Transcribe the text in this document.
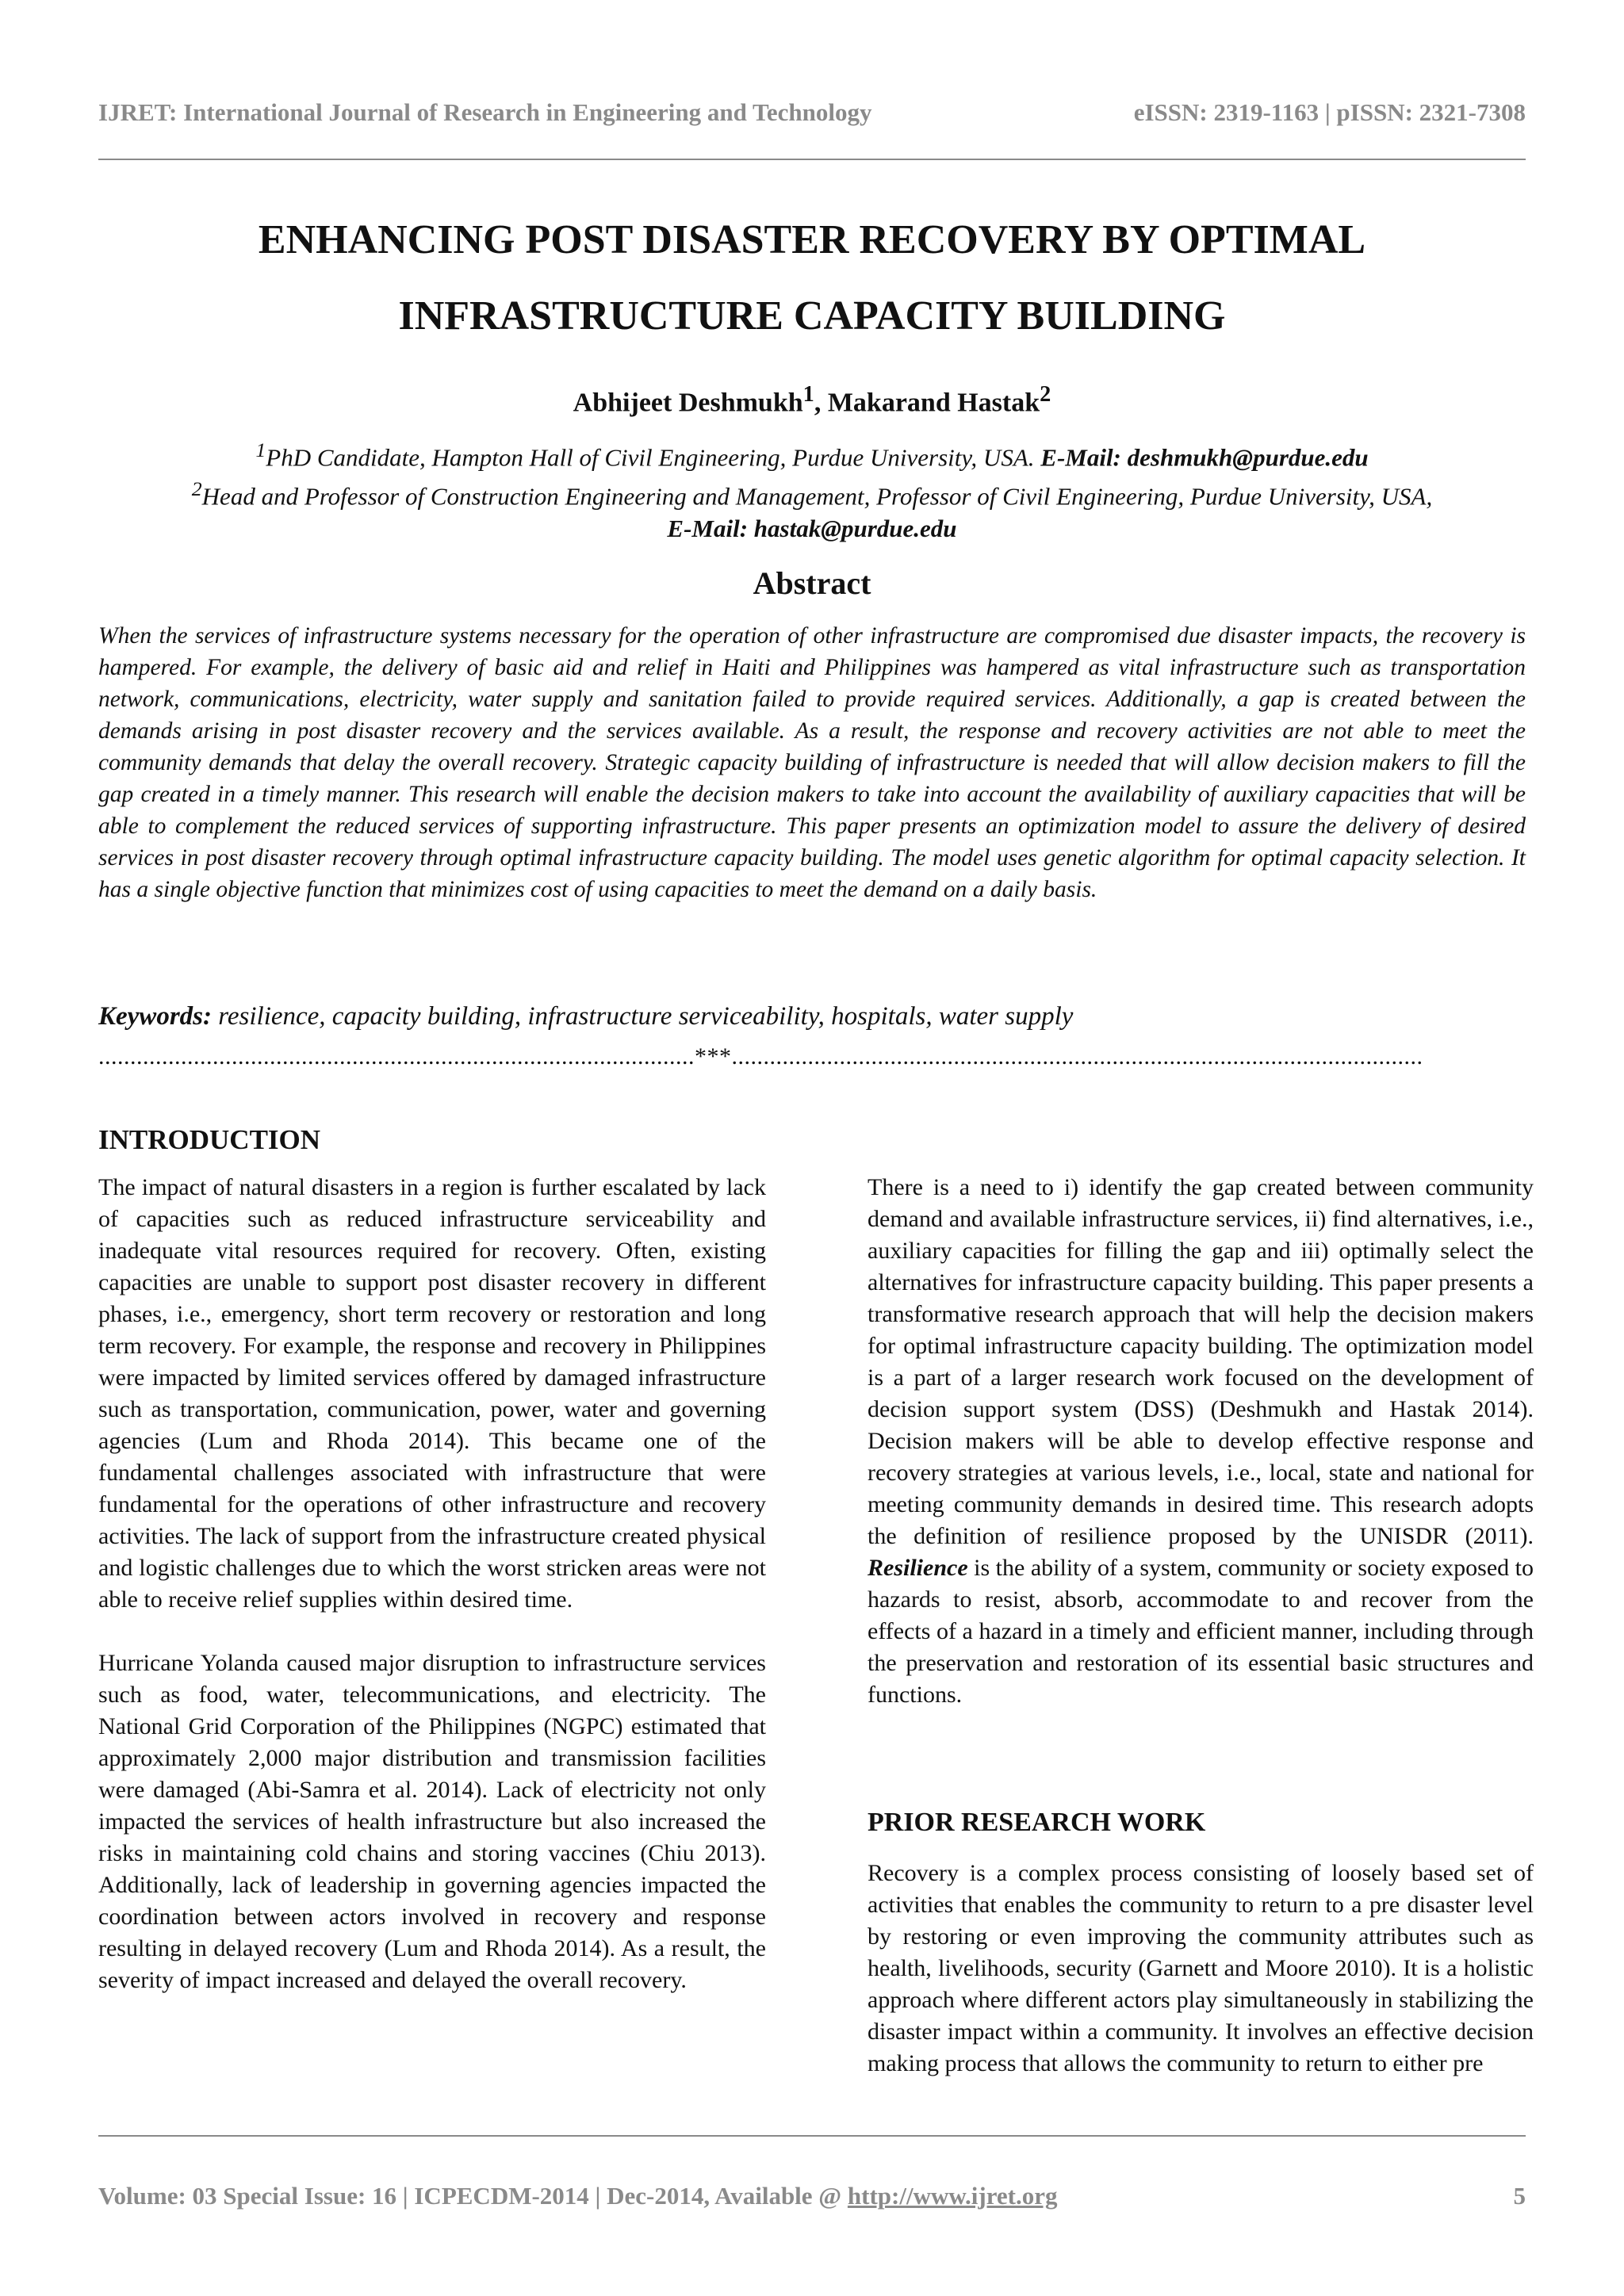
IJRET: International Journal of Research in Engineering and Technology	eISSN: 2319-1163 | pISSN: 2321-7308
ENHANCING POST DISASTER RECOVERY BY OPTIMAL
INFRASTRUCTURE CAPACITY BUILDING
Abhijeet Deshmukh$^1$, Makarand Hastak$^2$
$^1$PhD Candidate, Hampton Hall of Civil Engineering, Purdue University, USA. E-Mail: deshmukh@purdue.edu
$^2$Head and Professor of Construction Engineering and Management, Professor of Civil Engineering, Purdue University, USA,
E-Mail: hastak@purdue.edu
Abstract
When the services of infrastructure systems necessary for the operation of other infrastructure are compromised due disaster impacts, the recovery is hampered. For example, the delivery of basic aid and relief in Haiti and Philippines was hampered as vital infrastructure such as transportation network, communications, electricity, water supply and sanitation failed to provide required services. Additionally, a gap is created between the demands arising in post disaster recovery and the services available. As a result, the response and recovery activities are not able to meet the community demands that delay the overall recovery. Strategic capacity building of infrastructure is needed that will allow decision makers to fill the gap created in a timely manner. This research will enable the decision makers to take into account the availability of auxiliary capacities that will be able to complement the reduced services of supporting infrastructure. This paper presents an optimization model to assure the delivery of desired services in post disaster recovery through optimal infrastructure capacity building. The model uses genetic algorithm for optimal capacity selection. It has a single objective function that minimizes cost of using capacities to meet the demand on a daily basis.
Keywords: resilience, capacity building, infrastructure serviceability, hospitals, water supply
..............................................................................................***.............................................................................................................
INTRODUCTION

The impact of natural disasters in a region is further escalated by lack of capacities such as reduced infrastructure serviceability and inadequate vital resources required for recovery. Often, existing capacities are unable to support post disaster recovery in different phases, i.e., emergency, short term recovery or restoration and long term recovery. For example, the response and recovery in Philippines were impacted by limited services offered by damaged infrastructure such as transportation, communication, power, water and governing agencies (Lum and Rhoda 2014). This became one of the fundamental challenges associated with infrastructure that were fundamental for the operations of other infrastructure and recovery activities. The lack of support from the infrastructure created physical and logistic challenges due to which the worst stricken areas were not able to receive relief supplies within desired time.

Hurricane Yolanda caused major disruption to infrastructure services such as food, water, telecommunications, and electricity. The National Grid Corporation of the Philippines (NGPC) estimated that approximately 2,000 major distribution and transmission facilities were damaged (Abi-Samra et al. 2014). Lack of electricity not only impacted the services of health infrastructure but also increased the risks in maintaining cold chains and storing vaccines (Chiu 2013). Additionally, lack of leadership in governing agencies impacted the coordination between actors involved in recovery and response resulting in delayed recovery (Lum and Rhoda 2014). As a result, the severity of impact increased and delayed the overall recovery.

There is a need to i) identify the gap created between community demand and available infrastructure services, ii) find alternatives, i.e., auxiliary capacities for filling the gap and iii) optimally select the alternatives for infrastructure capacity building. This paper presents a transformative research approach that will help the decision makers for optimal infrastructure capacity building. The optimization model is a part of a larger research work focused on the development of decision support system (DSS) (Deshmukh and Hastak 2014). Decision makers will be able to develop effective response and recovery strategies at various levels, i.e., local, state and national for meeting community demands in desired time. This research adopts the definition of resilience proposed by the UNISDR (2011). Resilience is the ability of a system, community or society exposed to hazards to resist, absorb, accommodate to and recover from the effects of a hazard in a timely and efficient manner, including through the preservation and restoration of its essential basic structures and functions.

PRIOR RESEARCH WORK

Recovery is a complex process consisting of loosely based set of activities that enables the community to return to a pre disaster level by restoring or even improving the community attributes such as health, livelihoods, security (Garnett and Moore 2010). It is a holistic approach where different actors play simultaneously in stabilizing the disaster impact within a community. It involves an effective decision making process that allows the community to return to either pre

Volume: 03 Special Issue: 16 | ICPECDM-2014 | Dec-2014, Available @ http://www.ijret.org	5
